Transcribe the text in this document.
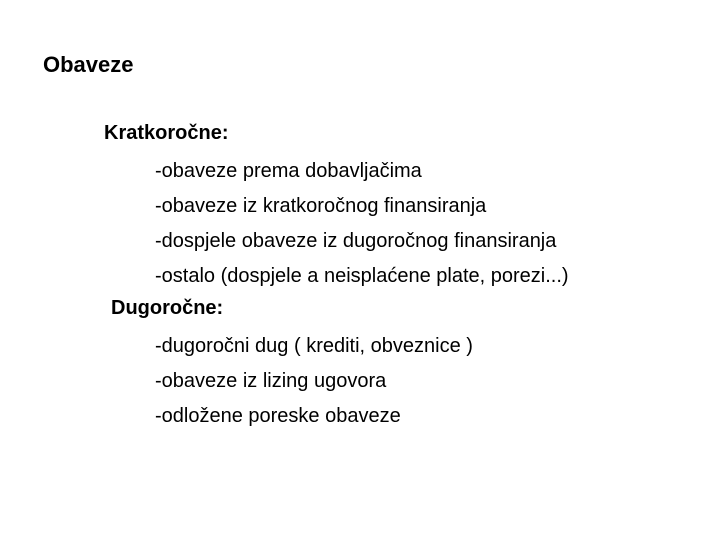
Obaveze
Kratkoročne:
-obaveze prema dobavljačima
-obaveze iz kratkoročnog finansiranja
-dospjele obaveze iz dugoročnog finansiranja
-ostalo (dospjele a neisplaćene plate, porezi...)
Dugoročne:
-dugoročni dug ( krediti, obveznice )
-obaveze iz lizing ugovora
-odložene poreske obaveze
